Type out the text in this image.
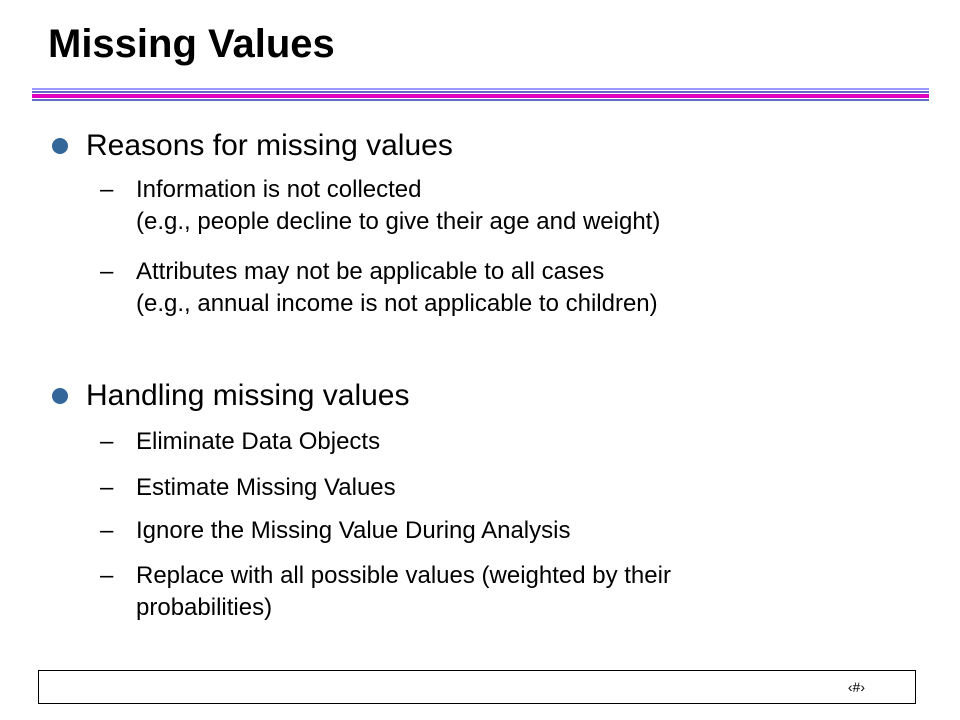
Missing Values
Reasons for missing values
– Information is not collected
(e.g., people decline to give their age and weight)
– Attributes may not be applicable to all cases
(e.g., annual income is not applicable to children)
Handling missing values
– Eliminate Data Objects
– Estimate Missing Values
– Ignore the Missing Value During Analysis
– Replace with all possible values (weighted by their
probabilities)
‹#›
